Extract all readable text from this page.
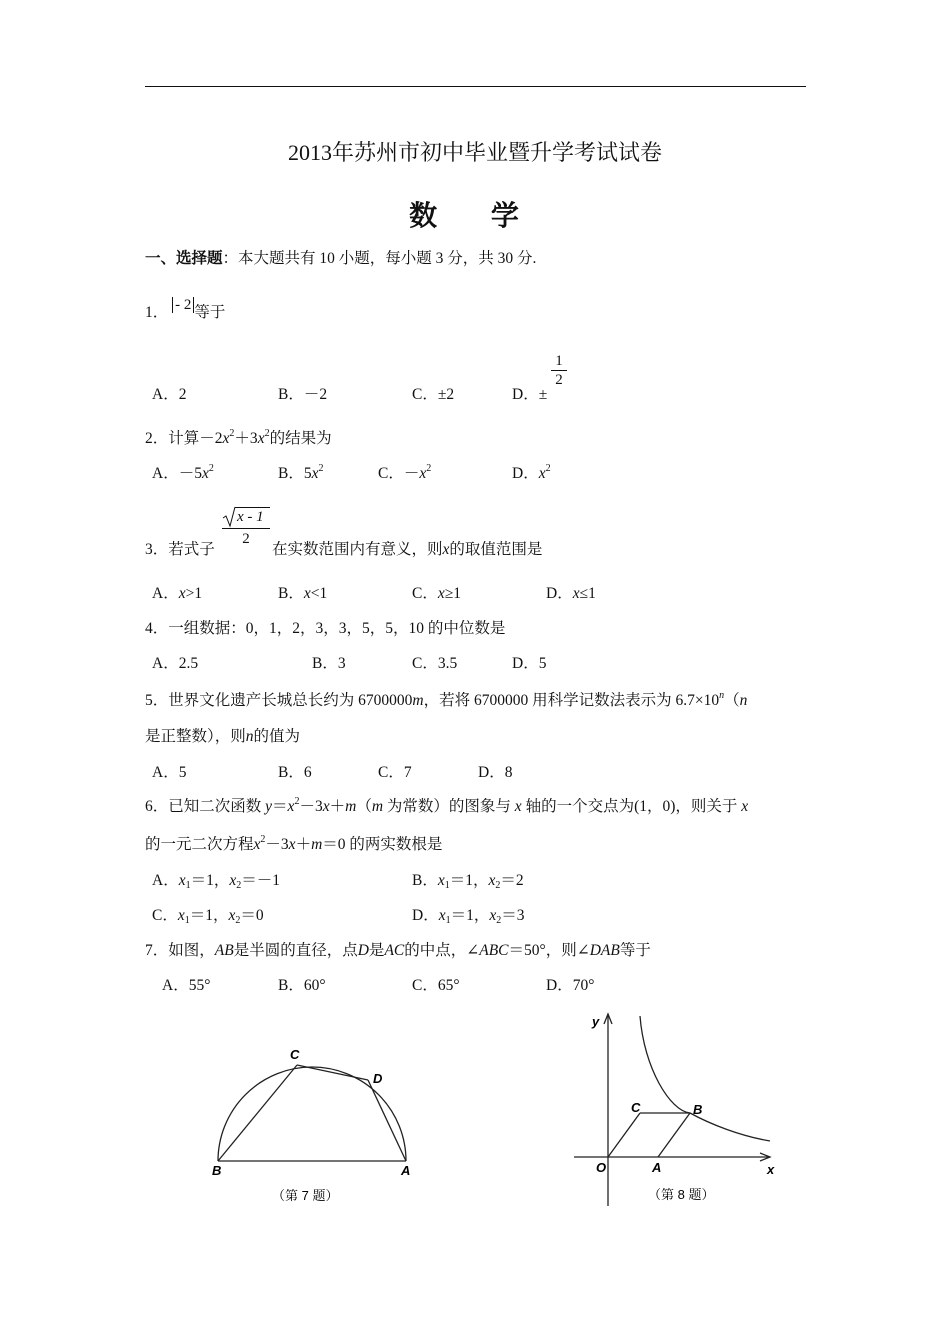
2013年苏州市初中毕业暨升学考试试卷
数 学
一、选择题：本大题共有 10 小题，每小题 3 分，共 30 分.
1． - 2 等于
A．2	B．－2	C．±2	D．±
$\frac{1}{2}$
2．计算$-2x^2+3x^2$的结果为
A．$-5x^2$	B．$5x^2$	C．$-x^2$	D．$x^2$
3．若式子
x - 1
2
在实数范围内有意义，则x的取值范围是
A．x>1	B．x<1	C．x≥1	D．x≤1
4．一组数据：0，1，2，3，3，5，5，10 的中位数是
A．2.5	B．3	C．3.5	D．5
5．世界文化遗产长城总长约为 6700000m，若将 6700000 用科学记数法表示为 $6.7\times 10^n(n$
是正整数），则n的值为
A．5	B．6	C．7	D．8
6．已知二次函数 $y=x^2-3x+m(m$ 为常数）的图象与 x 轴的一个交点为(1，0)，则关于 x
的一元二次方程$x^2-3x+m=0$ 的两实数根是
A．$x_1=1$，$x_2=-1$	B．$x_1=1$，$x_2=2$
C．$x_1=1$，$x_2=0$	D．$x_1=1$，$x_2=3$
7．如图，AB是半圆的直径，点D是AC的中点，∠ABC＝50°，则∠DAB等于
A．55°	B．60°	C．65°	D．70°
C
D
B	A
（第 7 题）
y
x
C	B
O	A
（第 8 题）
